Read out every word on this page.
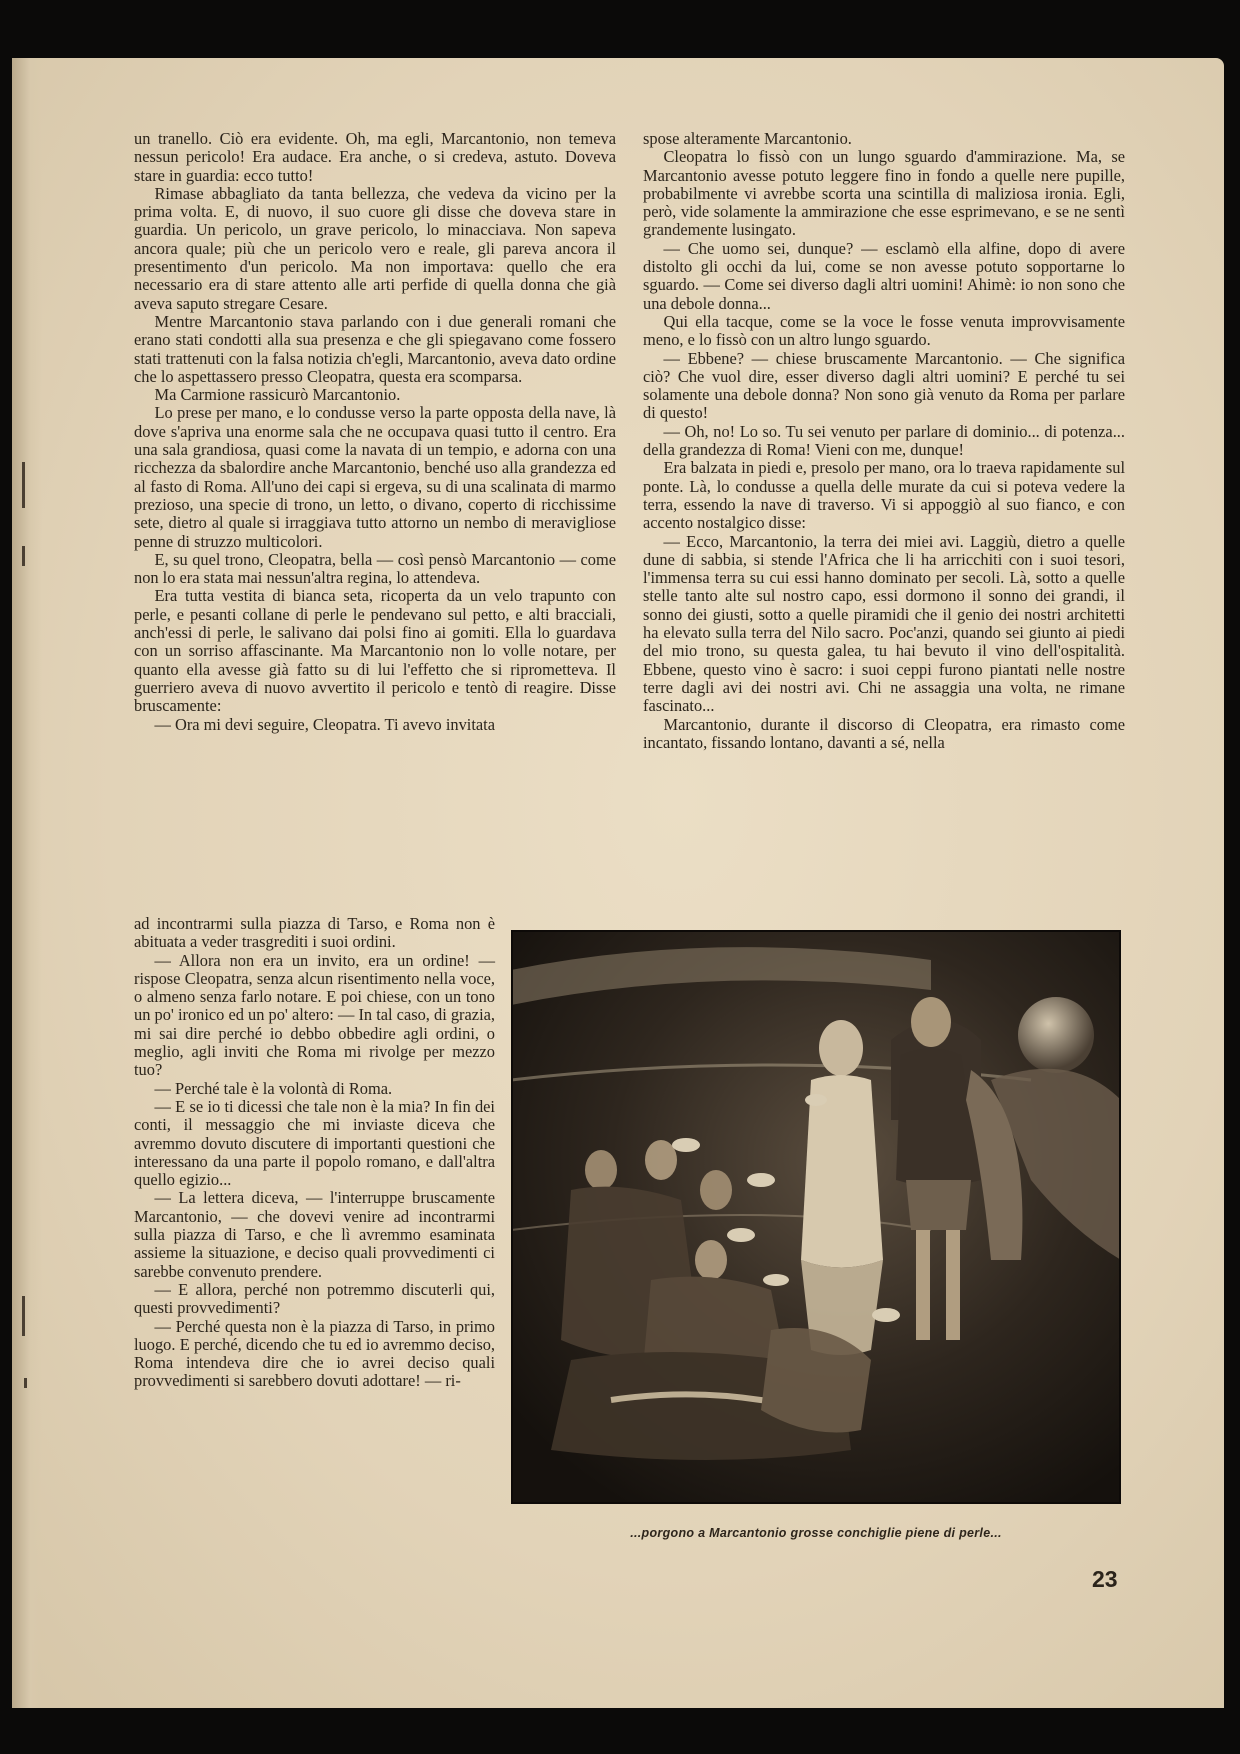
un tranello. Ciò era evidente. Oh, ma egli, Marcantonio, non temeva nessun pericolo! Era audace. Era anche, o si credeva, astuto. Doveva stare in guardia: ecco tutto!

Rimase abbagliato da tanta bellezza, che vedeva da vicino per la prima volta. E, di nuovo, il suo cuore gli disse che doveva stare in guardia. Un pericolo, un grave pericolo, lo minacciava. Non sapeva ancora quale; più che un pericolo vero e reale, gli pareva ancora il presentimento d'un pericolo. Ma non importava: quello che era necessario era di stare attento alle arti perfide di quella donna che già aveva saputo stregare Cesare.

Mentre Marcantonio stava parlando con i due generali romani che erano stati condotti alla sua presenza e che gli spiegavano come fossero stati trattenuti con la falsa notizia ch'egli, Marcantonio, aveva dato ordine che lo aspettassero presso Cleopatra, questa era scomparsa.

Ma Carmione rassicurò Marcantonio.

Lo prese per mano, e lo condusse verso la parte opposta della nave, là dove s'apriva una enorme sala che ne occupava quasi tutto il centro. Era una sala grandiosa, quasi come la navata di un tempio, e adorna con una ricchezza da sbalordire anche Marcantonio, benché uso alla grandezza ed al fasto di Roma. All'uno dei capi si ergeva, su di una scalinata di marmo prezioso, una specie di trono, un letto, o divano, coperto di ricchissime sete, dietro al quale si irraggiava tutto attorno un nembo di meravigliose penne di struzzo multicolori.

E, su quel trono, Cleopatra, bella — così pensò Marcantonio — come non lo era stata mai nessun'altra regina, lo attendeva.

Era tutta vestita di bianca seta, ricoperta da un velo trapunto con perle, e pesanti collane di perle le pendevano sul petto, e alti bracciali, anch'essi di perle, le salivano dai polsi fino ai gomiti. Ella lo guardava con un sorriso affascinante. Ma Marcantonio non lo volle notare, per quanto ella avesse già fatto su di lui l'effetto che si riprometteva. Il guerriero aveva di nuovo avvertito il pericolo e tentò di reagire. Disse bruscamente:

— Ora mi devi seguire, Cleopatra. Ti avevo invitata

ad incontrarmi sulla piazza di Tarso, e Roma non è abituata a veder trasgrediti i suoi ordini.

— Allora non era un invito, era un ordine! — rispose Cleopatra, senza alcun risentimento nella voce, o almeno senza farlo notare. E poi chiese, con un tono un po' ironico ed un po' altero: — In tal caso, di grazia, mi sai dire perché io debbo obbedire agli ordini, o meglio, agli inviti che Roma mi rivolge per mezzo tuo?

— Perché tale è la volontà di Roma.

— E se io ti dicessi che tale non è la mia? In fin dei conti, il messaggio che mi inviaste diceva che avremmo dovuto discutere di importanti questioni che interessano da una parte il popolo romano, e dall'altra quello egizio...

— La lettera diceva, — l'interruppe bruscamente Marcantonio, — che dovevi venire ad incontrarmi sulla piazza di Tarso, e che lì avremmo esaminata assieme la situazione, e deciso quali provvedimenti ci sarebbe convenuto prendere.

— E allora, perché non potremmo discuterli qui, questi provvedimenti?

— Perché questa non è la piazza di Tarso, in primo luogo. E perché, dicendo che tu ed io avremmo deciso, Roma intendeva dire che io avrei deciso quali provvedimenti si sarebbero dovuti adottare! — ri-

spose alteramente Marcantonio.

Cleopatra lo fissò con un lungo sguardo d'ammirazione. Ma, se Marcantonio avesse potuto leggere fino in fondo a quelle nere pupille, probabilmente vi avrebbe scorta una scintilla di maliziosa ironia. Egli, però, vide solamente la ammirazione che esse esprimevano, e se ne sentì grandemente lusingato.

— Che uomo sei, dunque? — esclamò ella alfine, dopo di avere distolto gli occhi da lui, come se non avesse potuto sopportarne lo sguardo. — Come sei diverso dagli altri uomini! Ahimè: io non sono che una debole donna...

Qui ella tacque, come se la voce le fosse venuta improvvisamente meno, e lo fissò con un altro lungo sguardo.

— Ebbene? — chiese bruscamente Marcantonio. — Che significa ciò? Che vuol dire, esser diverso dagli altri uomini? E perché tu sei solamente una debole donna? Non sono già venuto da Roma per parlare di questo!

— Oh, no! Lo so. Tu sei venuto per parlare di dominio... di potenza... della grandezza di Roma! Vieni con me, dunque!

Era balzata in piedi e, presolo per mano, ora lo traeva rapidamente sul ponte. Là, lo condusse a quella delle murate da cui si poteva vedere la terra, essendo la nave di traverso. Vi si appoggiò al suo fianco, e con accento nostalgico disse:

— Ecco, Marcantonio, la terra dei miei avi. Laggiù, dietro a quelle dune di sabbia, si stende l'Africa che li ha arricchiti con i suoi tesori, l'immensa terra su cui essi hanno dominato per secoli. Là, sotto a quelle stelle tanto alte sul nostro capo, essi dormono il sonno dei grandi, il sonno dei giusti, sotto a quelle piramidi che il genio dei nostri architetti ha elevato sulla terra del Nilo sacro. Poc'anzi, quando sei giunto ai piedi del mio trono, su questa galea, tu hai bevuto il vino dell'ospitalità. Ebbene, questo vino è sacro: i suoi ceppi furono piantati nelle nostre terre dagli avi dei nostri avi. Chi ne assaggia una volta, ne rimane fascinato...

Marcantonio, durante il discorso di Cleopatra, era rimasto come incantato, fissando lontano, davanti a sé, nella

...porgono a Marcantonio grosse conchiglie piene di perle...
23
